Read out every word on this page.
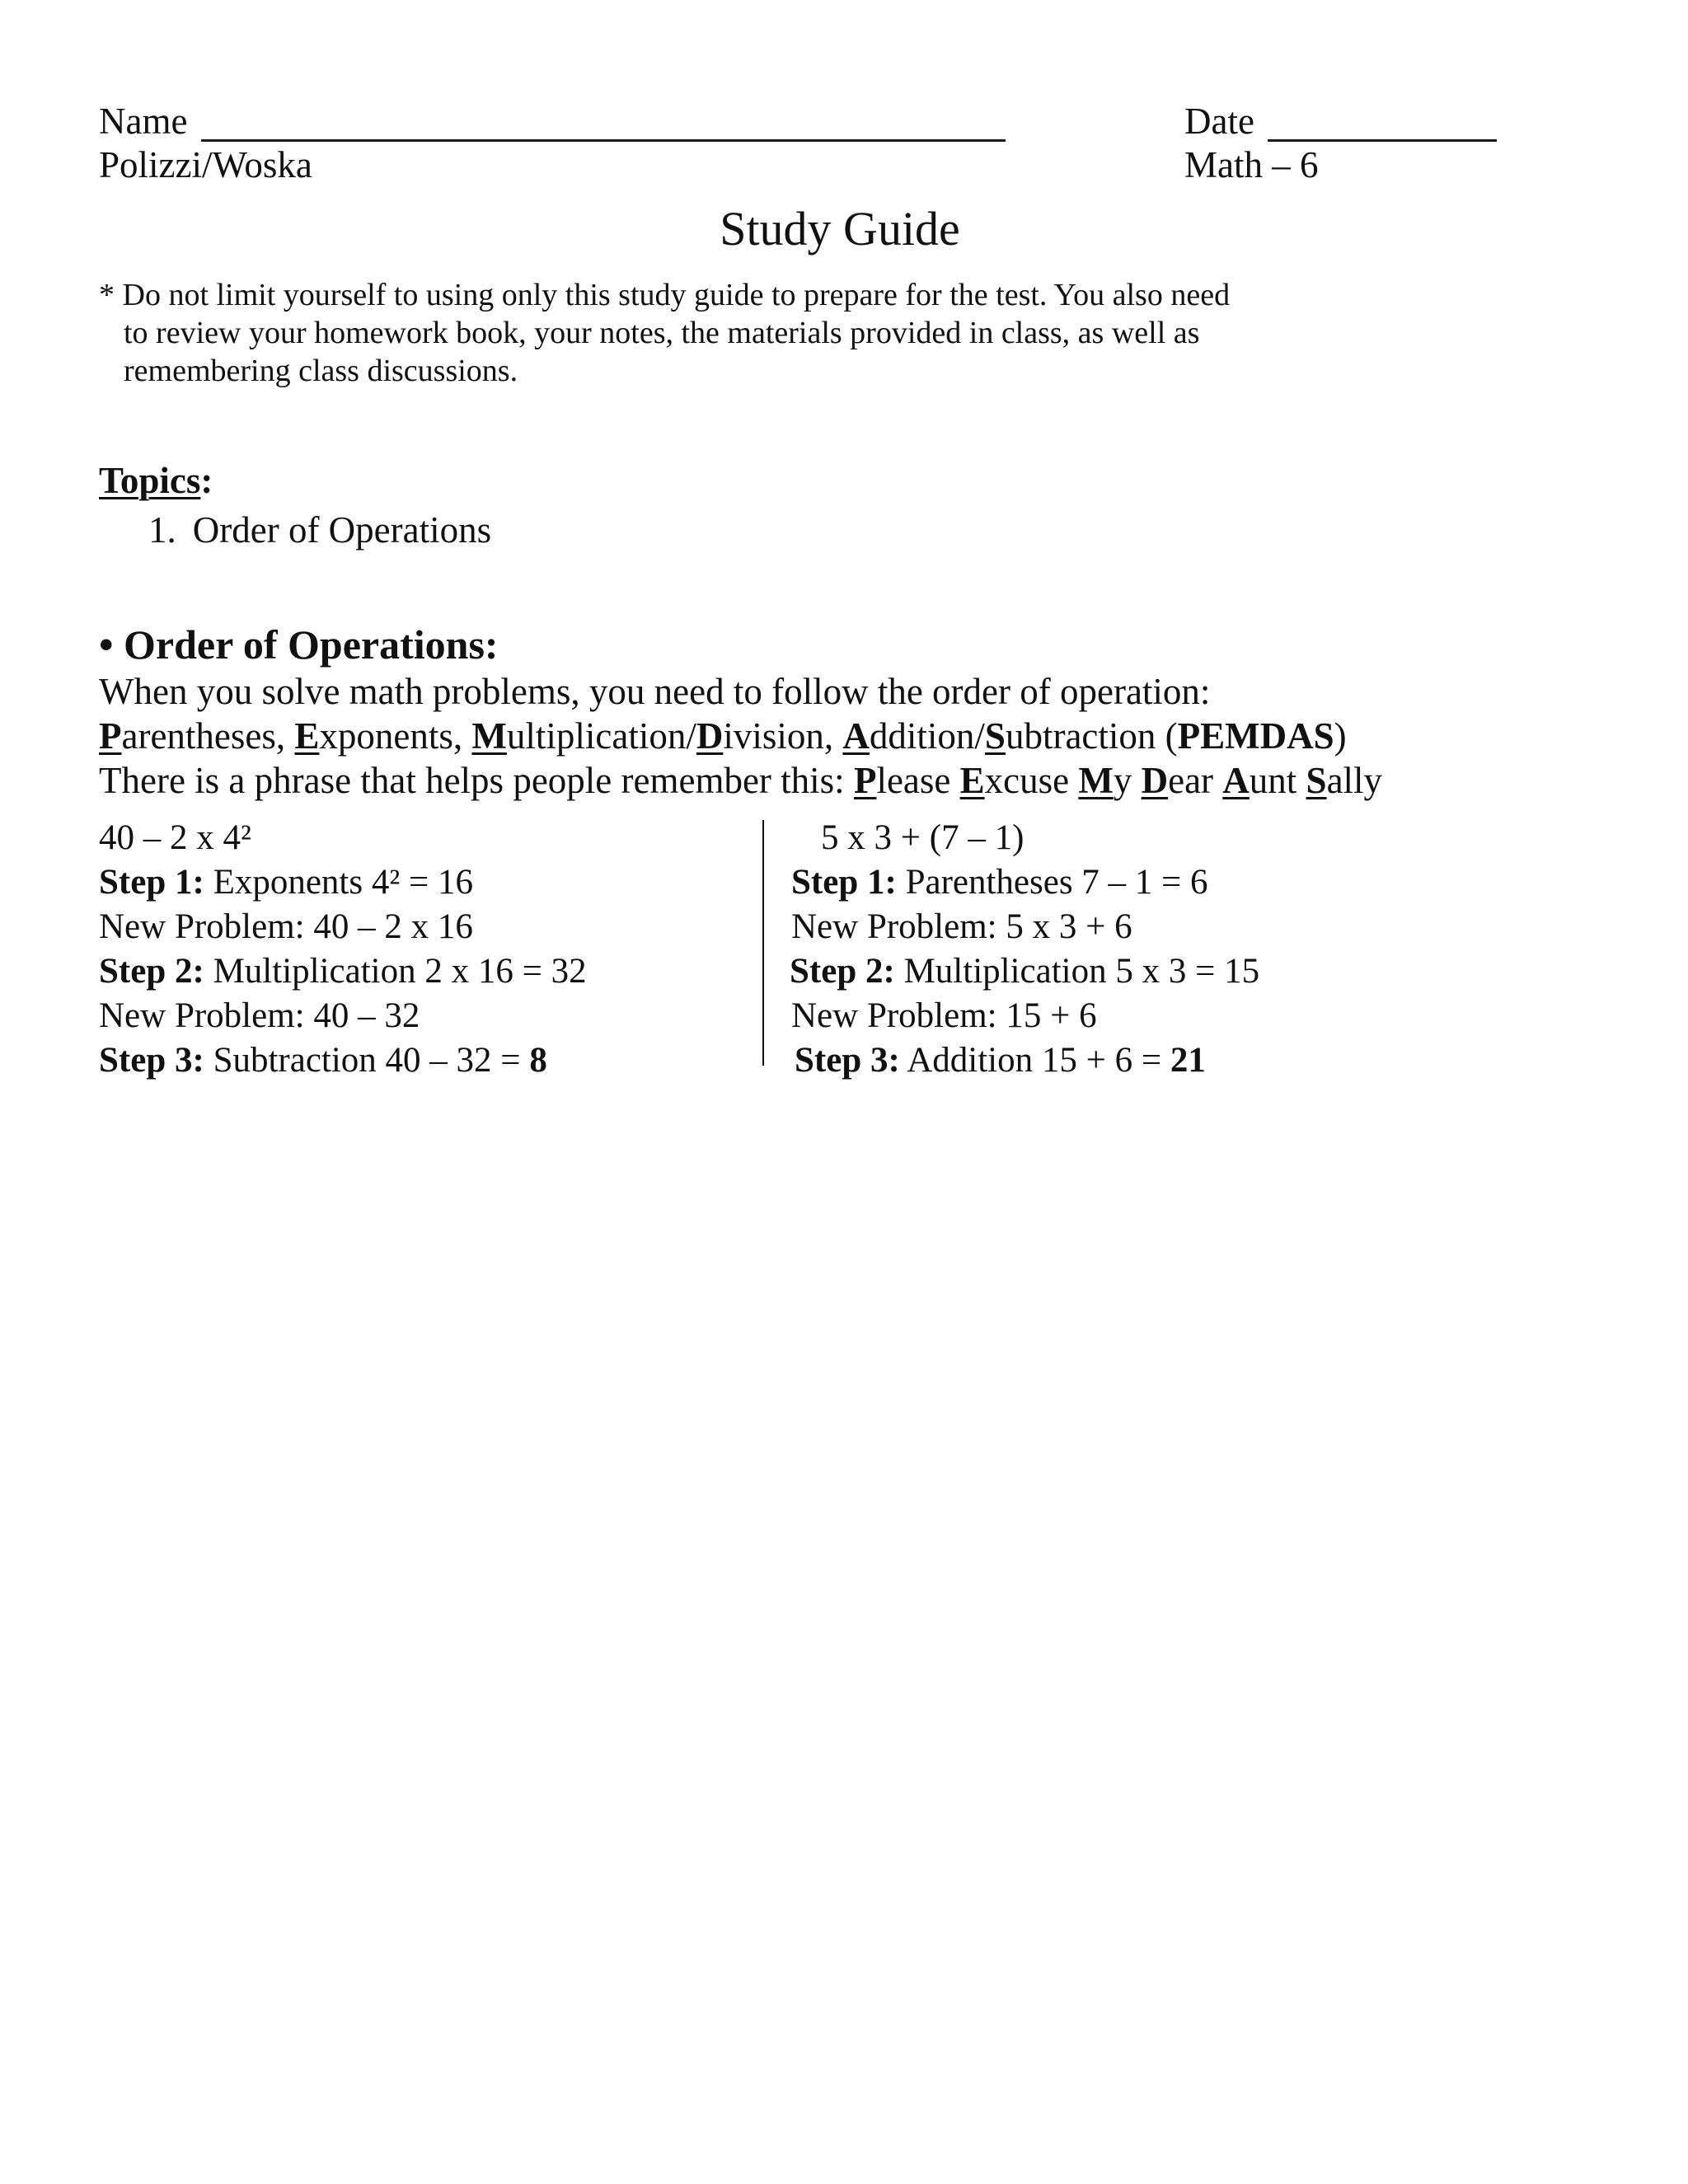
Name	Date
Polizzi/Woska	Math – 6
Study Guide
* Do not limit yourself to using only this study guide to prepare for the test. You also need
to review your homework book, your notes, the materials provided in class, as well as
remembering class discussions.
Topics:
1. Order of Operations
• Order of Operations:
When you solve math problems, you need to follow the order of operation:
Parentheses, Exponents, Multiplication/Division, Addition/Subtraction (PEMDAS)
There is a phrase that helps people remember this: Please Excuse My Dear Aunt Sally
40 – 2 x 4²
Step 1: Exponents 4² = 16
New Problem: 40 – 2 x 16
Step 2: Multiplication 2 x 16 = 32
New Problem: 40 – 32
Step 3: Subtraction 40 – 32 = 8
5 x 3 + (7 – 1)
Step 1: Parentheses 7 – 1 = 6
New Problem: 5 x 3 + 6
Step 2: Multiplication 5 x 3 = 15
New Problem: 15 + 6
Step 3: Addition 15 + 6 = 21
